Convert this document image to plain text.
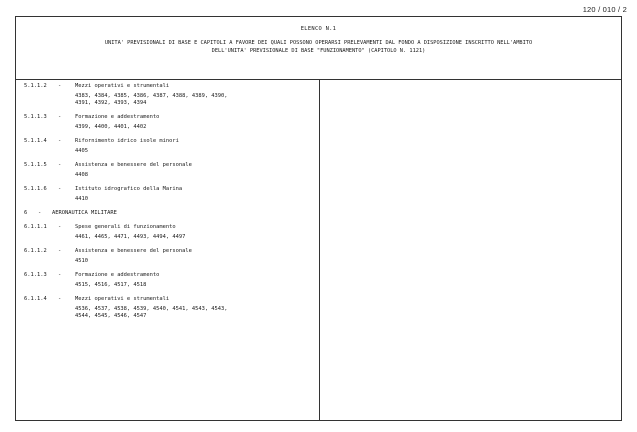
120 / 010 / 2
ELENCO N.1
UNITA' PREVISIONALI DI BASE E CAPITOLI A FAVORE DEI QUALI POSSONO OPERARSI PRELEVAMENTI DAL FONDO A DISPOSIZIONE INSCRITTO NELL'AMBITO
DELL'UNITA' PREVISIONALE DI BASE "FUNZIONAMENTO" (CAPITOLO N. 1121)
5.1.1.2	-	Mezzi operativi e strumentali
4383, 4384, 4385, 4386, 4387, 4388, 4389, 4390,
4391, 4392, 4393, 4394
5.1.1.3	-	Formazione e addestramento
4399, 4400, 4401, 4402
5.1.1.4	-	Rifornimento idrico isole minori
4405
5.1.1.5	-	Assistenza e benessere del personale
4408
5.1.1.6	-	Istituto idrografico della Marina
4410
6	-	AERONAUTICA MILITARE
6.1.1.1	-	Spese generali di funzionamento
4461, 4465, 4471, 4493, 4494, 4497
6.1.1.2	-	Assistenza e benessere del personale
4510
6.1.1.3	-	Formazione e addestramento
4515, 4516, 4517, 4518
6.1.1.4	-	Mezzi operativi e strumentali
4536, 4537, 4538, 4539, 4540, 4541, 4543, 4543,
4544, 4545, 4546, 4547
